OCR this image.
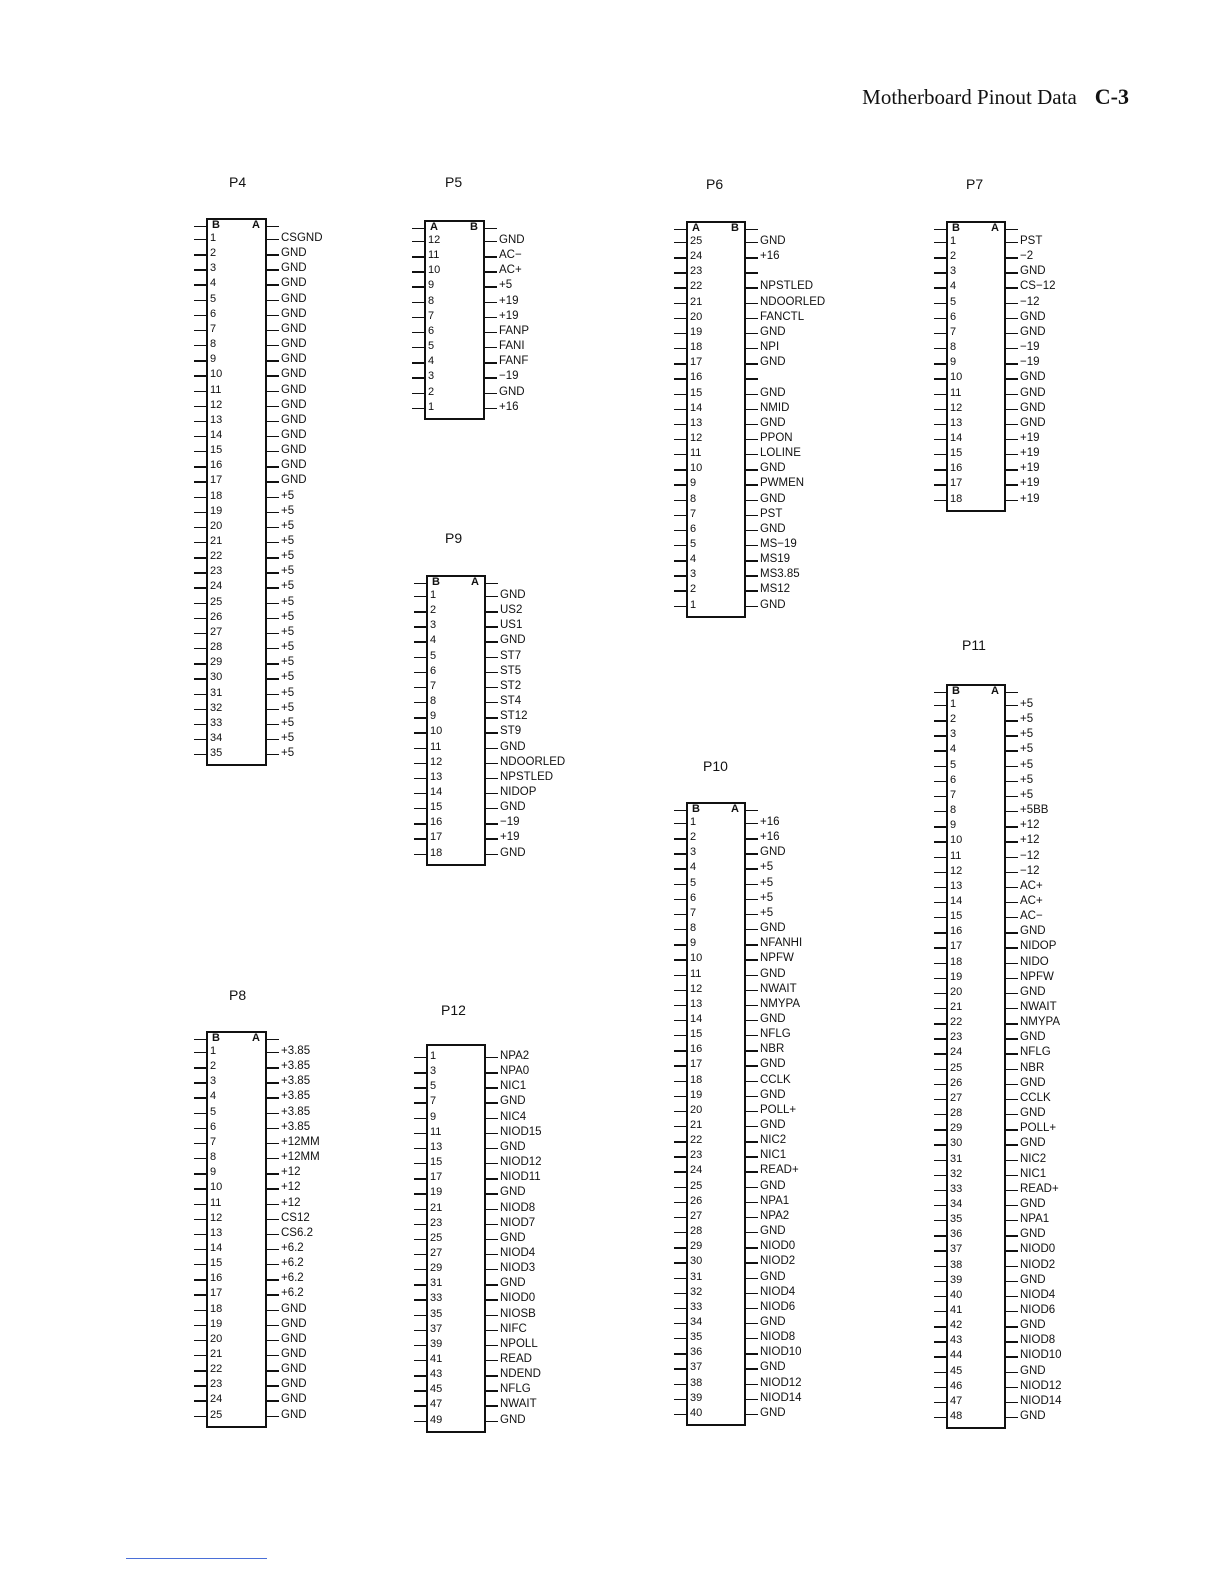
Motherboard Pinout Data C-3
P4
B	A
1	CSGND
2	GND
3	GND
4	GND
5	GND
6	GND
7	GND
8	GND
9	GND
10	GND
11	GND
12	GND
13	GND
14	GND
15	GND
16	GND
17	GND
18	+5
19	+5
20	+5
21	+5
22	+5
23	+5
24	+5
25	+5
26	+5
27	+5
28	+5
29	+5
30	+5
31	+5
32	+5
33	+5
34	+5
35	+5
P5
A	B
12	GND
11	AC−
10	AC+
9	+5
8	+19
7	+19
6	FANP
5	FANI
4	FANF
3	−19
2	GND
1	+16
P6
A	B
25	GND
24	+16
23
22	NPSTLED
21	NDOORLED
20	FANCTL
19	GND
18	NPI
17	GND
16
15	GND
14	NMID
13	GND
12	PPON
11	LOLINE
10	GND
9	PWMEN
8	GND
7	PST
6	GND
5	MS−19
4	MS19
3	MS3.85
2	MS12
1	GND
P7
B	A
1	PST
2	−2
3	GND
4	CS−12
5	−12
6	GND
7	GND
8	−19
9	−19
10	GND
11	GND
12	GND
13	GND
14	+19
15	+19
16	+19
17	+19
18	+19
P9
B	A
1	GND
2	US2
3	US1
4	GND
5	ST7
6	ST5
7	ST2
8	ST4
9	ST12
10	ST9
11	GND
12	NDOORLED
13	NPSTLED
14	NIDOP
15	GND
16	−19
17	+19
18	GND
P11
B	A
1	+5
2	+5
3	+5
4	+5
5	+5
6	+5
7	+5
8	+5BB
9	+12
10	+12
11	−12
12	−12
13	AC+
14	AC+
15	AC−
16	GND
17	NIDOP
18	NIDO
19	NPFW
20	GND
21	NWAIT
22	NMYPA
23	GND
24	NFLG
25	NBR
26	GND
27	CCLK
28	GND
29	POLL+
30	GND
31	NIC2
32	NIC1
33	READ+
34	GND
35	NPA1
36	GND
37	NIOD0
38	NIOD2
39	GND
40	NIOD4
41	NIOD6
42	GND
43	NIOD8
44	NIOD10
45	GND
46	NIOD12
47	NIOD14
48	GND
P10
B	A
1	+16
2	+16
3	GND
4	+5
5	+5
6	+5
7	+5
8	GND
9	NFANHI
10	NPFW
11	GND
12	NWAIT
13	NMYPA
14	GND
15	NFLG
16	NBR
17	GND
18	CCLK
19	GND
20	POLL+
21	GND
22	NIC2
23	NIC1
24	READ+
25	GND
26	NPA1
27	NPA2
28	GND
29	NIOD0
30	NIOD2
31	GND
32	NIOD4
33	NIOD6
34	GND
35	NIOD8
36	NIOD10
37	GND
38	NIOD12
39	NIOD14
40	GND
P8
B	A
1	+3.85
2	+3.85
3	+3.85
4	+3.85
5	+3.85
6	+3.85
7	+12MM
8	+12MM
9	+12
10	+12
11	+12
12	CS12
13	CS6.2
14	+6.2
15	+6.2
16	+6.2
17	+6.2
18	GND
19	GND
20	GND
21	GND
22	GND
23	GND
24	GND
25	GND
P12
1	NPA2
3	NPA0
5	NIC1
7	GND
9	NIC4
11	NIOD15
13	GND
15	NIOD12
17	NIOD11
19	GND
21	NIOD8
23	NIOD7
25	GND
27	NIOD4
29	NIOD3
31	GND
33	NIOD0
35	NIOSB
37	NIFC
39	NPOLL
41	READ
43	NDEND
45	NFLG
47	NWAIT
49	GND
